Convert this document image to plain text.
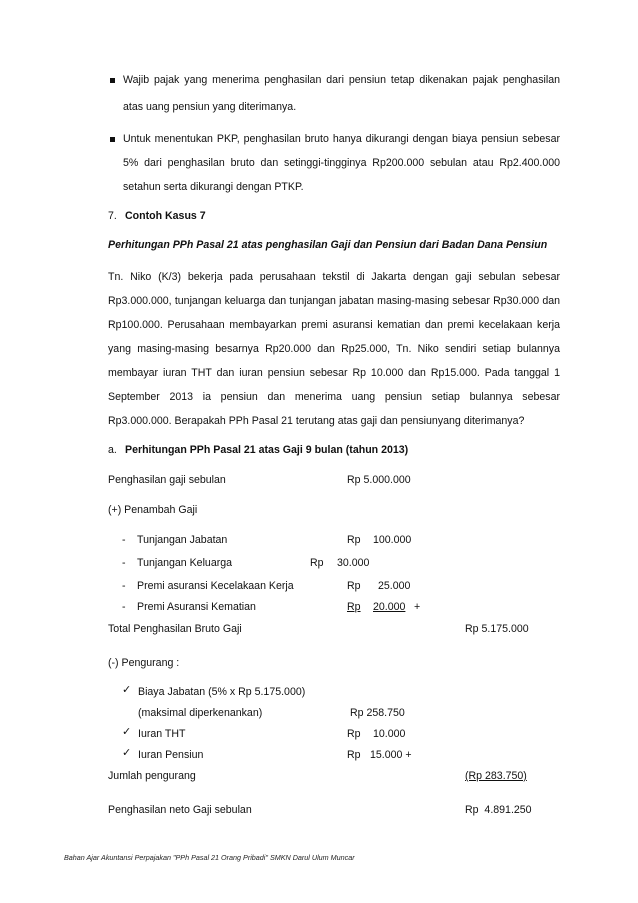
Wajib pajak yang menerima penghasilan dari pensiun tetap dikenakan pajak penghasilan
atas uang pensiun yang diterimanya.
Untuk menentukan PKP, penghasilan bruto hanya dikurangi dengan biaya pensiun sebesar
5% dari penghasilan bruto dan setinggi-tingginya Rp200.000 sebulan atau Rp2.400.000
setahun serta dikurangi dengan PTKP.
7. Contoh Kasus 7
Perhitungan PPh Pasal 21 atas penghasilan Gaji dan Pensiun dari Badan Dana Pensiun
Tn. Niko (K/3) bekerja pada perusahaan tekstil di Jakarta dengan gaji sebulan sebesar
Rp3.000.000, tunjangan keluarga dan tunjangan jabatan masing-masing sebesar Rp30.000 dan
Rp100.000. Perusahaan membayarkan premi asuransi kematian dan premi kecelakaan kerja
yang masing-masing besarnya Rp20.000 dan Rp25.000, Tn. Niko sendiri setiap bulannya
membayar iuran THT dan iuran pensiun sebesar Rp 10.000 dan Rp15.000. Pada tanggal 1
September 2013 ia pensiun dan menerima uang pensiun setiap bulannya sebesar
Rp3.000.000. Berapakah PPh Pasal 21 terutang atas gaji dan pensiunyang diterimanya?
a. Perhitungan PPh Pasal 21 atas Gaji 9 bulan (tahun 2013)
Penghasilan gaji sebulan	Rp 5.000.000
(+) Penambah Gaji
- Tunjangan Jabatan	Rp 100.000
- Tunjangan Keluarga	Rp 30.000
- Premi asuransi Kecelakaan Kerja	Rp 25.000
- Premi Asuransi Kematian	Rp	20.000 +
Total Penghasilan Bruto Gaji	Rp 5.175.000
(-) Pengurang :
✓ Biaya Jabatan (5% x Rp 5.175.000)
(maksimal diperkenankan)	Rp 258.750
✓ Iuran THT	Rp 10.000
✓ Iuran Pensiun	Rp 15.000 +
Jumlah pengurang	(Rp 283.750)
Penghasilan neto Gaji sebulan	Rp  4.891.250
Bahan Ajar Akuntansi Perpajakan "PPh Pasal 21 Orang Pribadi" SMKN Darul Ulum Muncar
